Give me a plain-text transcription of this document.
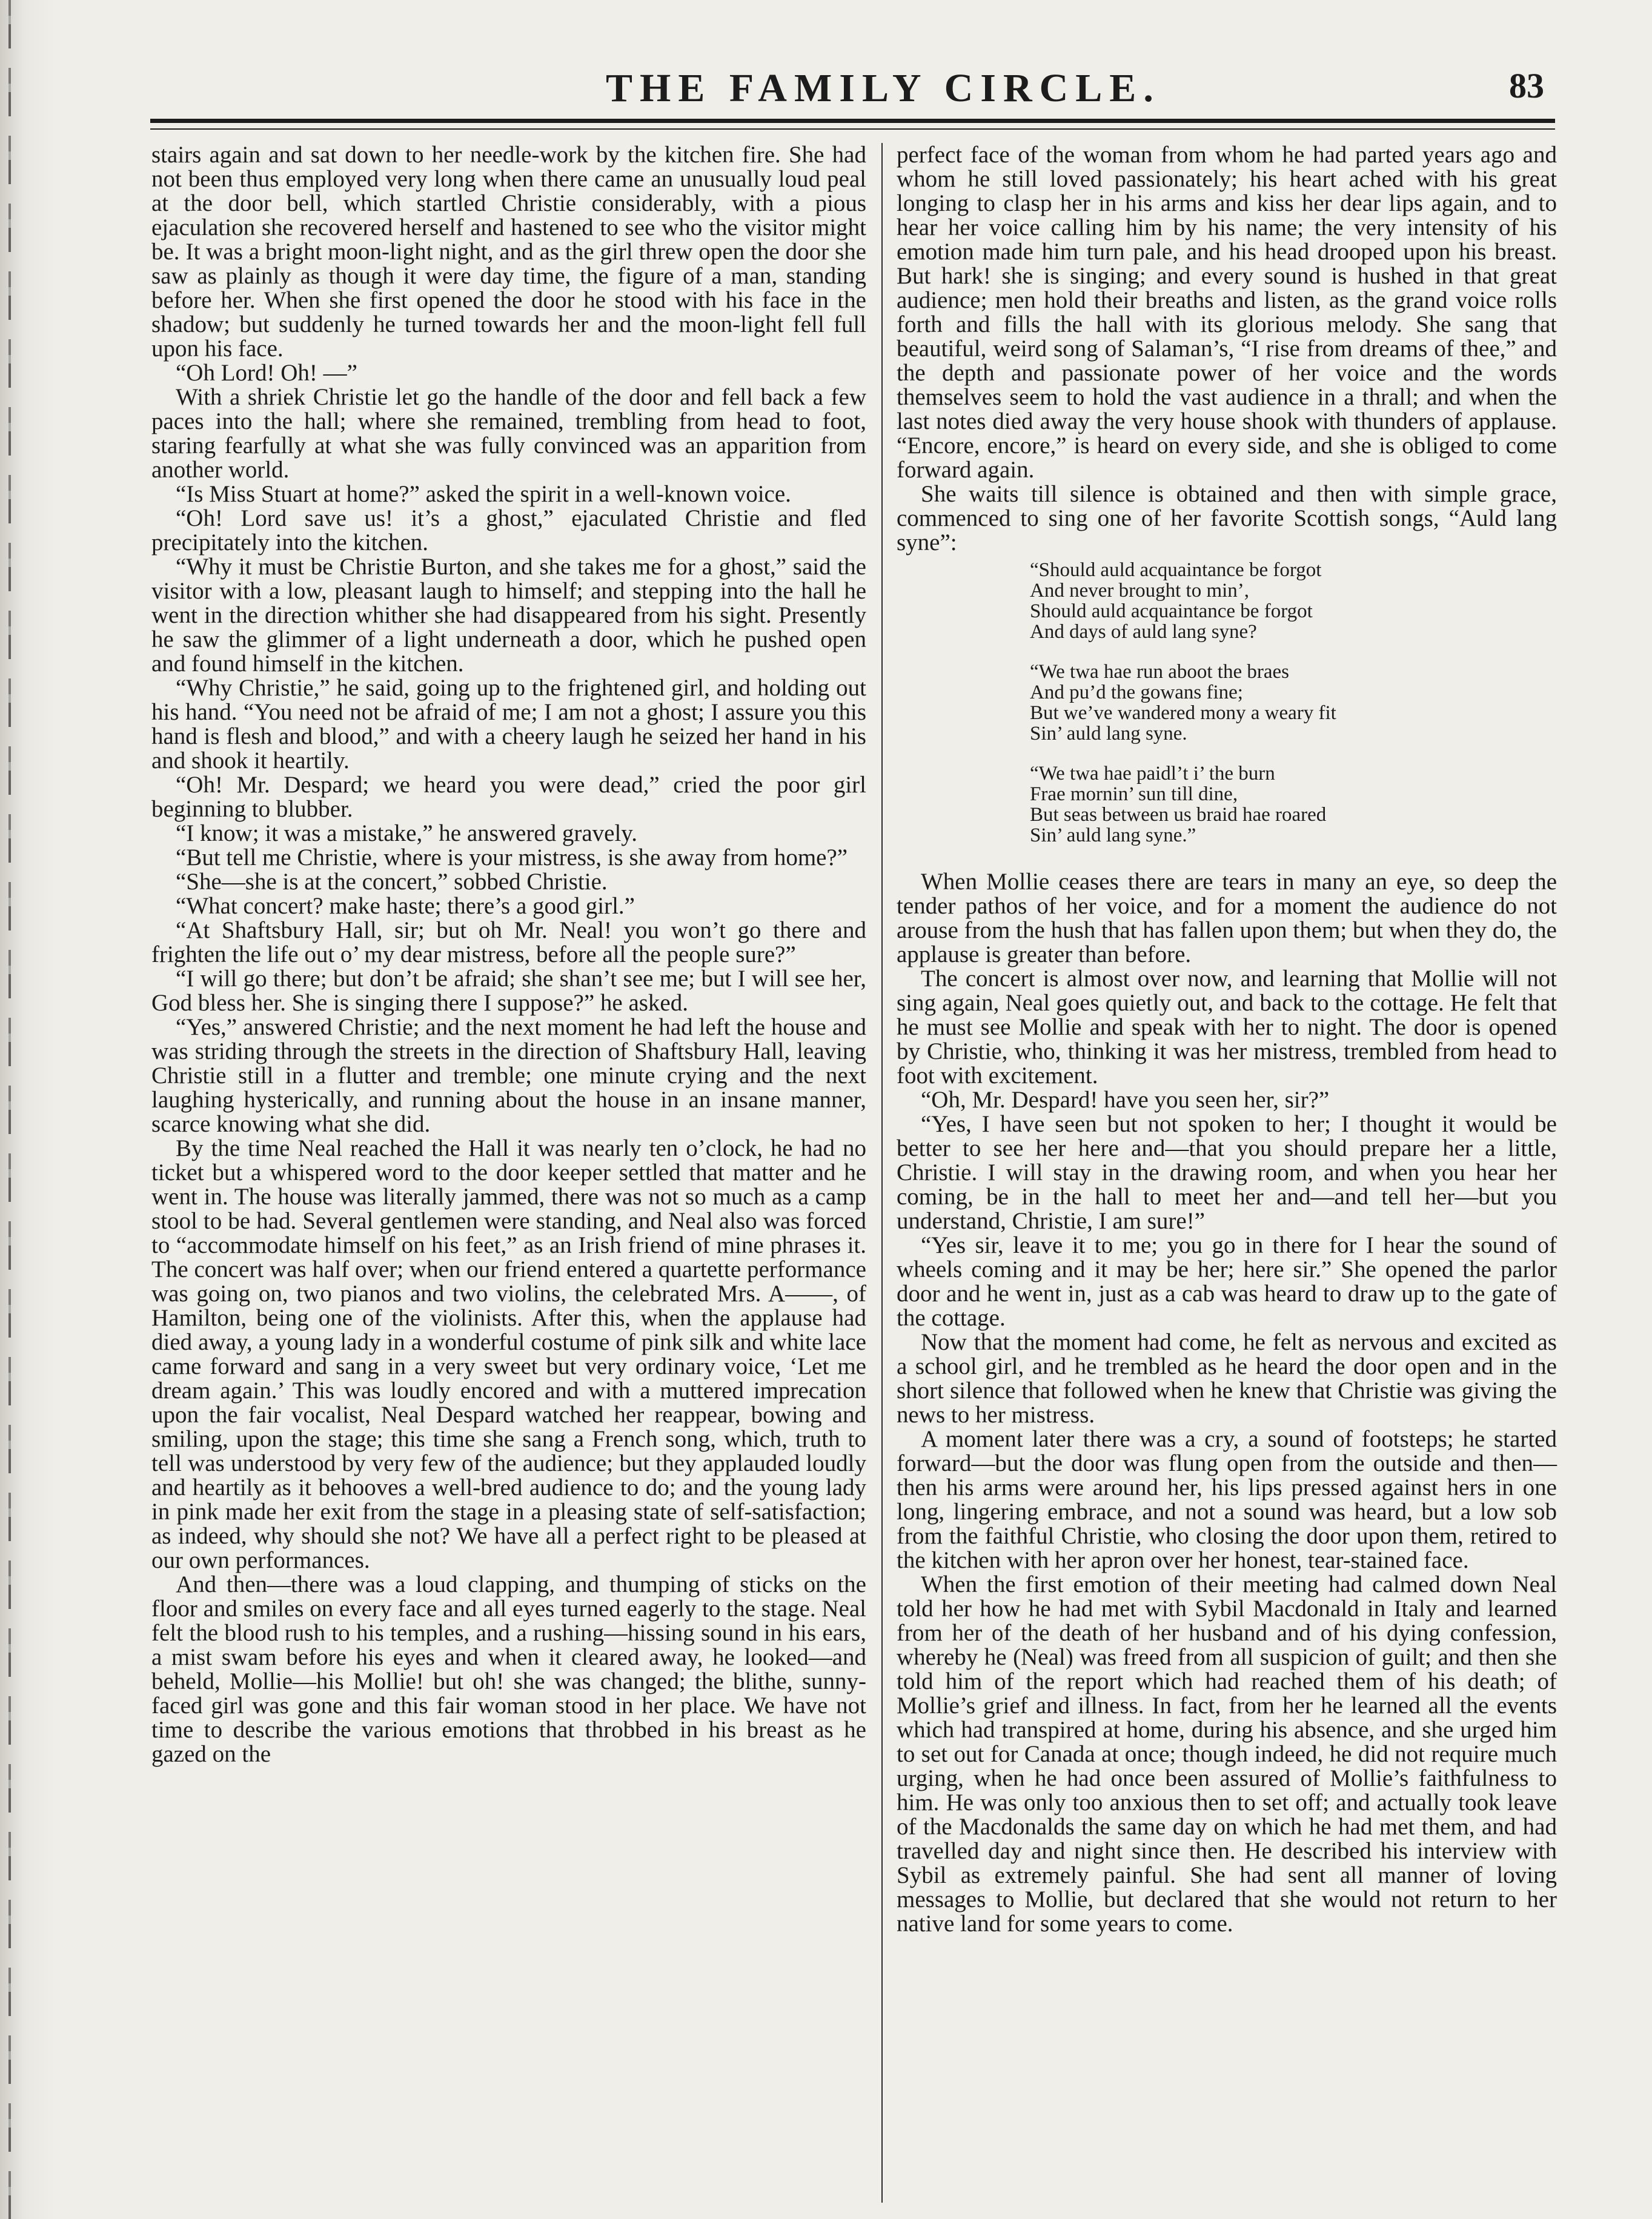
THE FAMILY CIRCLE.	83

stairs again and sat down to her needle-work by the kitchen fire. She had not been thus employed very long when there came an unusually loud peal at the door bell, which startled Christie considerably, with a pious ejaculation she recovered herself and hastened to see who the visitor might be. It was a bright moon-light night, and as the girl threw open the door she saw as plainly as though it were day time, the figure of a man, standing before her. When she first opened the door he stood with his face in the shadow; but suddenly he turned towards her and the moon-light fell full upon his face.

“Oh Lord! Oh! —”

With a shriek Christie let go the handle of the door and fell back a few paces into the hall; where she remained, trembling from head to foot, staring fearfully at what she was fully convinced was an apparition from another world.

“Is Miss Stuart at home?” asked the spirit in a well-known voice.

“Oh! Lord save us! it’s a ghost,” ejaculated Christie and fled precipitately into the kitchen.

“Why it must be Christie Burton, and she takes me for a ghost,” said the visitor with a low, pleasant laugh to himself; and stepping into the hall he went in the direction whither she had disappeared from his sight. Presently he saw the glimmer of a light underneath a door, which he pushed open and found himself in the kitchen.

“Why Christie,” he said, going up to the frightened girl, and holding out his hand. “You need not be afraid of me; I am not a ghost; I assure you this hand is flesh and blood,” and with a cheery laugh he seized her hand in his and shook it heartily.

“Oh! Mr. Despard; we heard you were dead,” cried the poor girl beginning to blubber.

“I know; it was a mistake,” he answered gravely.

“But tell me Christie, where is your mistress, is she away from home?”

“She—she is at the concert,” sobbed Christie.

“What concert? make haste; there’s a good girl.”

“At Shaftsbury Hall, sir; but oh Mr. Neal! you won’t go there and frighten the life out o’ my dear mistress, before all the people sure?”

“I will go there; but don’t be afraid; she shan’t see me; but I will see her, God bless her. She is singing there I suppose?” he asked.

“Yes,” answered Christie; and the next moment he had left the house and was striding through the streets in the direction of Shaftsbury Hall, leaving Christie still in a flutter and tremble; one minute crying and the next laughing hysterically, and running about the house in an insane manner, scarce knowing what she did.

By the time Neal reached the Hall it was nearly ten o’clock, he had no ticket but a whispered word to the door keeper settled that matter and he went in. The house was literally jammed, there was not so much as a camp stool to be had. Several gentlemen were standing, and Neal also was forced to “accommodate himself on his feet,” as an Irish friend of mine phrases it. The concert was half over; when our friend entered a quartette performance was going on, two pianos and two violins, the celebrated Mrs. A——, of Hamilton, being one of the violinists. After this, when the applause had died away, a young lady in a wonderful costume of pink silk and white lace came forward and sang in a very sweet but very ordinary voice, ‘Let me dream again.’ This was loudly encored and with a muttered imprecation upon the fair vocalist, Neal Despard watched her reappear, bowing and smiling, upon the stage; this time she sang a French song, which, truth to tell was understood by very few of the audience; but they applauded loudly and heartily as it behooves a well-bred audience to do; and the young lady in pink made her exit from the stage in a pleasing state of self-satisfaction; as indeed, why should she not? We have all a perfect right to be pleased at our own performances.

And then—there was a loud clapping, and thumping of sticks on the floor and smiles on every face and all eyes turned eagerly to the stage. Neal felt the blood rush to his temples, and a rushing—hissing sound in his ears, a mist swam before his eyes and when it cleared away, he looked—and beheld, Mollie—his Mollie! but oh! she was changed; the blithe, sunny-faced girl was gone and this fair woman stood in her place. We have not time to describe the various emotions that throbbed in his breast as he gazed on the

perfect face of the woman from whom he had parted years ago and whom he still loved passionately; his heart ached with his great longing to clasp her in his arms and kiss her dear lips again, and to hear her voice calling him by his name; the very intensity of his emotion made him turn pale, and his head drooped upon his breast. But hark! she is singing; and every sound is hushed in that great audience; men hold their breaths and listen, as the grand voice rolls forth and fills the hall with its glorious melody. She sang that beautiful, weird song of Salaman’s, “I rise from dreams of thee,” and the depth and passionate power of her voice and the words themselves seem to hold the vast audience in a thrall; and when the last notes died away the very house shook with thunders of applause. “Encore, encore,” is heard on every side, and she is obliged to come forward again.

She waits till silence is obtained and then with simple grace, commenced to sing one of her favorite Scottish songs, “Auld lang syne”:

“Should auld acquaintance be forgot
And never brought to min’,
Should auld acquaintance be forgot
And days of auld lang syne?
“We twa hae run aboot the braes
And pu’d the gowans fine;
But we’ve wandered mony a weary fit
Sin’ auld lang syne.
“We twa hae paidl’t i’ the burn
Frae mornin’ sun till dine,
But seas between us braid hae roared
Sin’ auld lang syne.”

When Mollie ceases there are tears in many an eye, so deep the tender pathos of her voice, and for a moment the audience do not arouse from the hush that has fallen upon them; but when they do, the applause is greater than before.

The concert is almost over now, and learning that Mollie will not sing again, Neal goes quietly out, and back to the cottage. He felt that he must see Mollie and speak with her to night. The door is opened by Christie, who, thinking it was her mistress, trembled from head to foot with excitement.

“Oh, Mr. Despard! have you seen her, sir?”

“Yes, I have seen but not spoken to her; I thought it would be better to see her here and—that you should prepare her a little, Christie. I will stay in the drawing room, and when you hear her coming, be in the hall to meet her and—and tell her—but you understand, Christie, I am sure!”

“Yes sir, leave it to me; you go in there for I hear the sound of wheels coming and it may be her; here sir.” She opened the parlor door and he went in, just as a cab was heard to draw up to the gate of the cottage.

Now that the moment had come, he felt as nervous and excited as a school girl, and he trembled as he heard the door open and in the short silence that followed when he knew that Christie was giving the news to her mistress.

A moment later there was a cry, a sound of footsteps; he started forward—but the door was flung open from the outside and then—then his arms were around her, his lips pressed against hers in one long, lingering embrace, and not a sound was heard, but a low sob from the faithful Christie, who closing the door upon them, retired to the kitchen with her apron over her honest, tear-stained face.

When the first emotion of their meeting had calmed down Neal told her how he had met with Sybil Macdonald in Italy and learned from her of the death of her husband and of his dying confession, whereby he (Neal) was freed from all suspicion of guilt; and then she told him of the report which had reached them of his death; of Mollie’s grief and illness. In fact, from her he learned all the events which had transpired at home, during his absence, and she urged him to set out for Canada at once; though indeed, he did not require much urging, when he had once been assured of Mollie’s faithfulness to him. He was only too anxious then to set off; and actually took leave of the Macdonalds the same day on which he had met them, and had travelled day and night since then. He described his interview with Sybil as extremely painful. She had sent all manner of loving messages to Mollie, but declared that she would not return to her native land for some years to come.
